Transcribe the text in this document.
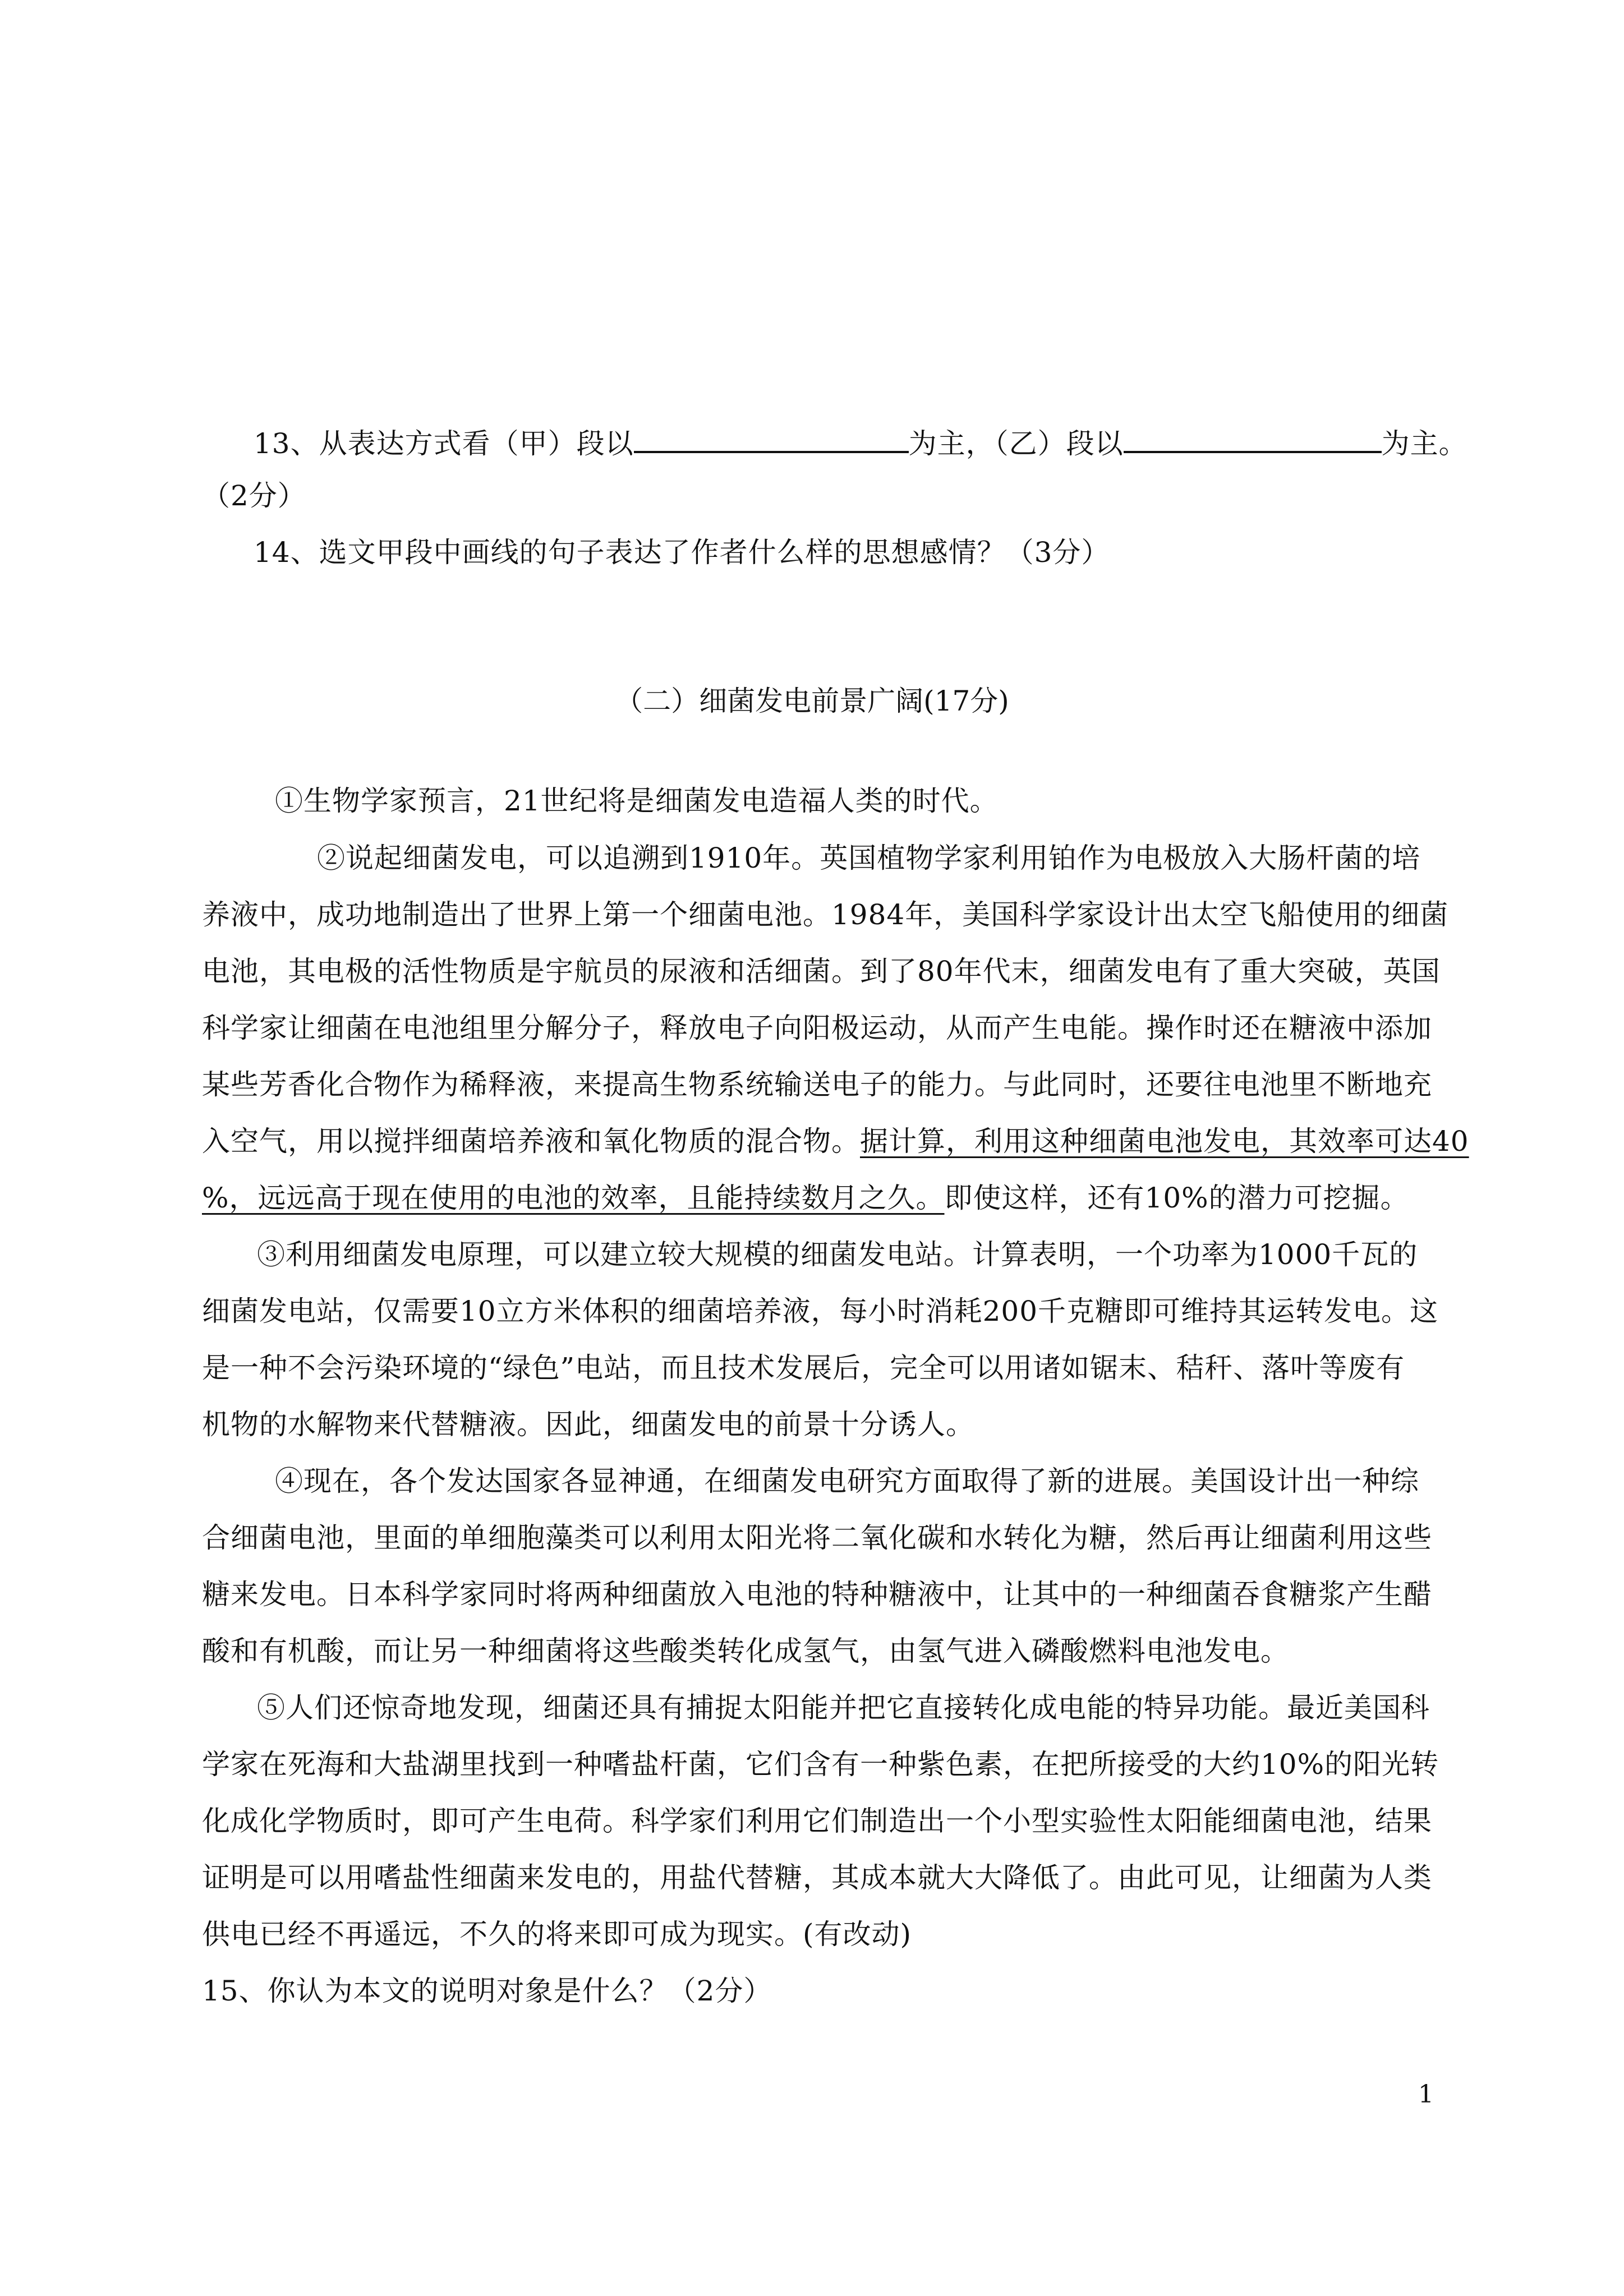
13、从表达方式看（甲）段以	为主，（乙）段以	为主。
（2分）
14、选文甲段中画线的句子表达了作者什么样的思想感情？（3分）
（二）细菌发电前景广阔(17分)
①生物学家预言，21世纪将是细菌发电造福人类的时代。
②说起细菌发电，可以追溯到1910年。英国植物学家利用铂作为电极放入大肠杆菌的培
养液中，成功地制造出了世界上第一个细菌电池。1984年，美国科学家设计出太空飞船使用的细菌
电池，其电极的活性物质是宇航员的尿液和活细菌。到了80年代末，细菌发电有了重大突破，英国
科学家让细菌在电池组里分解分子，释放电子向阳极运动，从而产生电能。操作时还在糖液中添加
某些芳香化合物作为稀释液，来提高生物系统输送电子的能力。与此同时，还要往电池里不断地充
入空气，用以搅拌细菌培养液和氧化物质的混合物。据计算，利用这种细菌电池发电，其效率可达40
%，远远高于现在使用的电池的效率，且能持续数月之久。即使这样，还有10%的潜力可挖掘。
③利用细菌发电原理，可以建立较大规模的细菌发电站。计算表明，一个功率为1000千瓦的
细菌发电站，仅需要10立方米体积的细菌培养液，每小时消耗200千克糖即可维持其运转发电。这
是一种不会污染环境的“绿色”电站，而且技术发展后，完全可以用诸如锯末、秸秆、落叶等废有
机物的水解物来代替糖液。因此，细菌发电的前景十分诱人。
④现在，各个发达国家各显神通，在细菌发电研究方面取得了新的进展。美国设计出一种综
合细菌电池，里面的单细胞藻类可以利用太阳光将二氧化碳和水转化为糖，然后再让细菌利用这些
糖来发电。日本科学家同时将两种细菌放入电池的特种糖液中，让其中的一种细菌吞食糖浆产生醋
酸和有机酸，而让另一种细菌将这些酸类转化成氢气，由氢气进入磷酸燃料电池发电。
⑤人们还惊奇地发现，细菌还具有捕捉太阳能并把它直接转化成电能的特异功能。最近美国科
学家在死海和大盐湖里找到一种嗜盐杆菌，它们含有一种紫色素，在把所接受的大约10%的阳光转
化成化学物质时，即可产生电荷。科学家们利用它们制造出一个小型实验性太阳能细菌电池，结果
证明是可以用嗜盐性细菌来发电的，用盐代替糖，其成本就大大降低了。由此可见，让细菌为人类
供电已经不再遥远，不久的将来即可成为现实。(有改动)
15、你认为本文的说明对象是什么？（2分）
1
